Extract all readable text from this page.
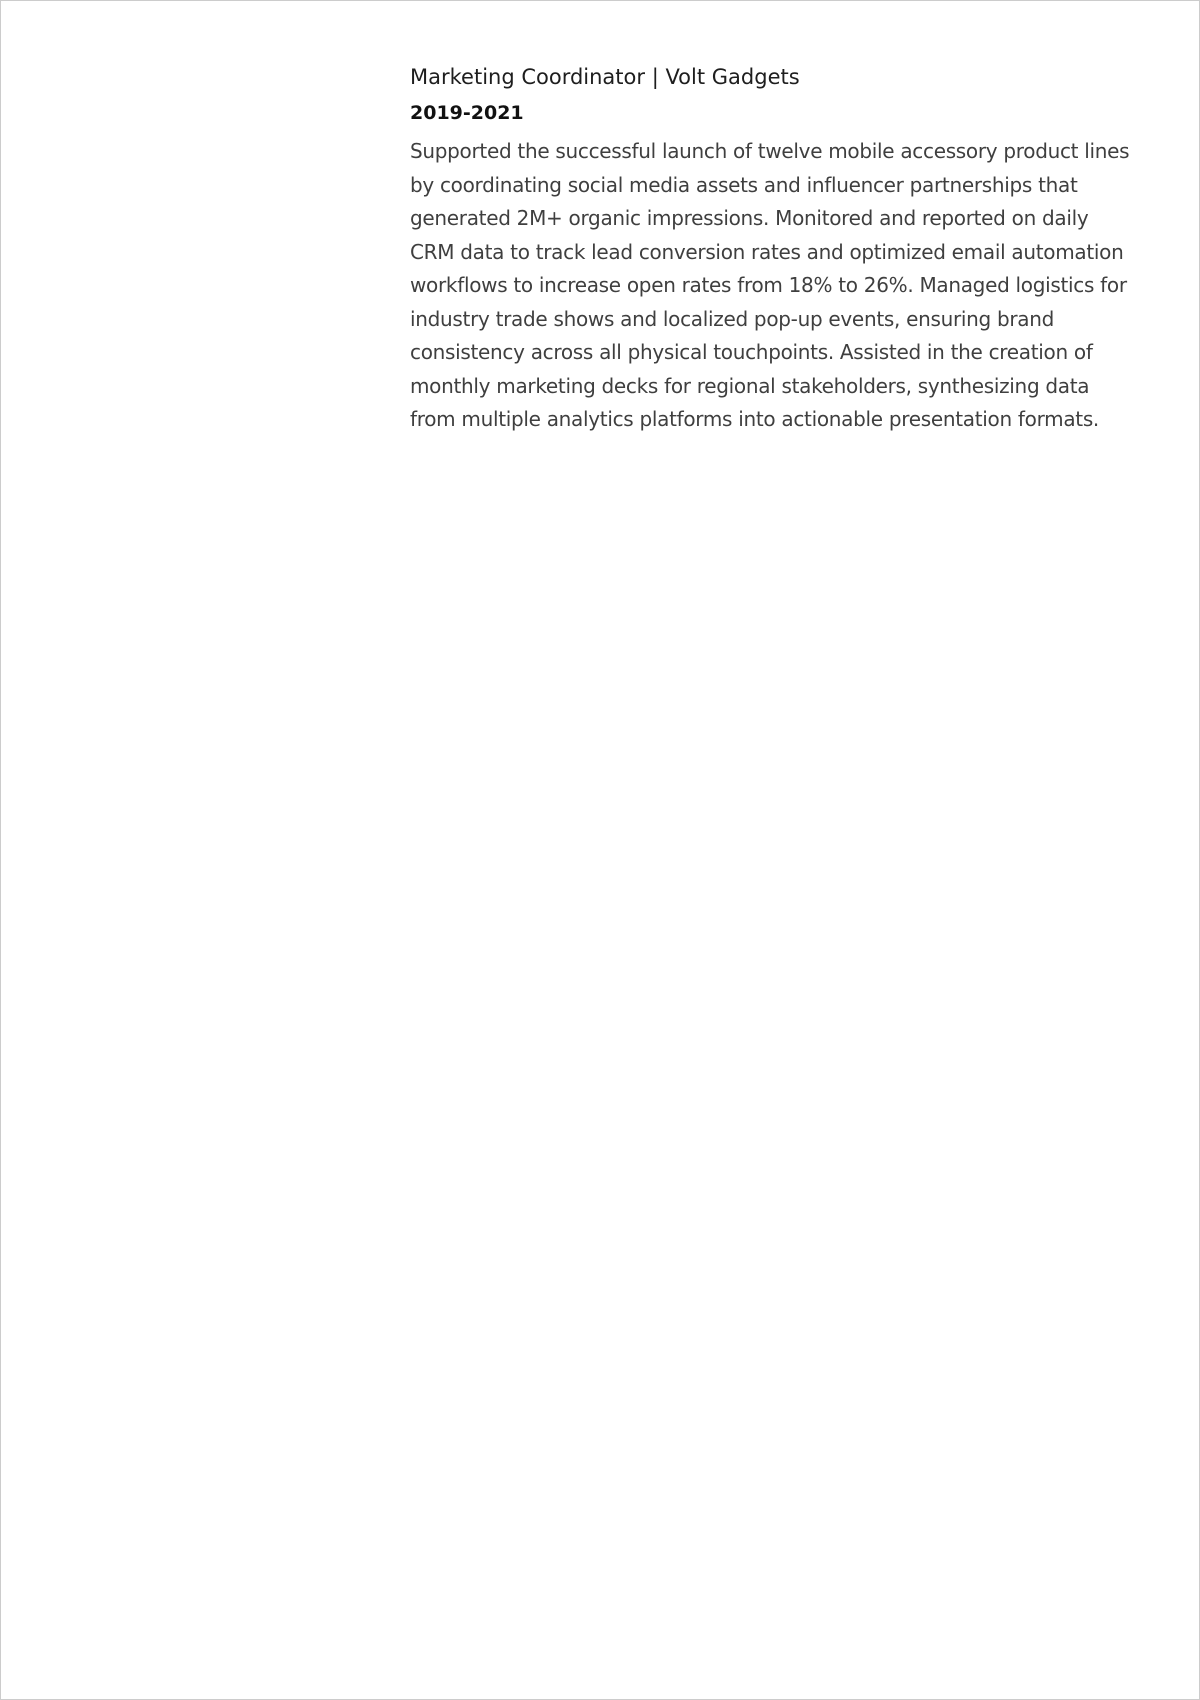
Marketing Coordinator | Volt Gadgets
2019-2021

Supported the successful launch of twelve mobile accessory product lines by coordinating social media assets and influencer partnerships that generated 2M+ organic impressions. Monitored and reported on daily CRM data to track lead conversion rates and optimized email automation workflows to increase open rates from 18% to 26%. Managed logistics for industry trade shows and localized pop-up events, ensuring brand consistency across all physical touchpoints. Assisted in the creation of monthly marketing decks for regional stakeholders, synthesizing data from multiple analytics platforms into actionable presentation formats.
